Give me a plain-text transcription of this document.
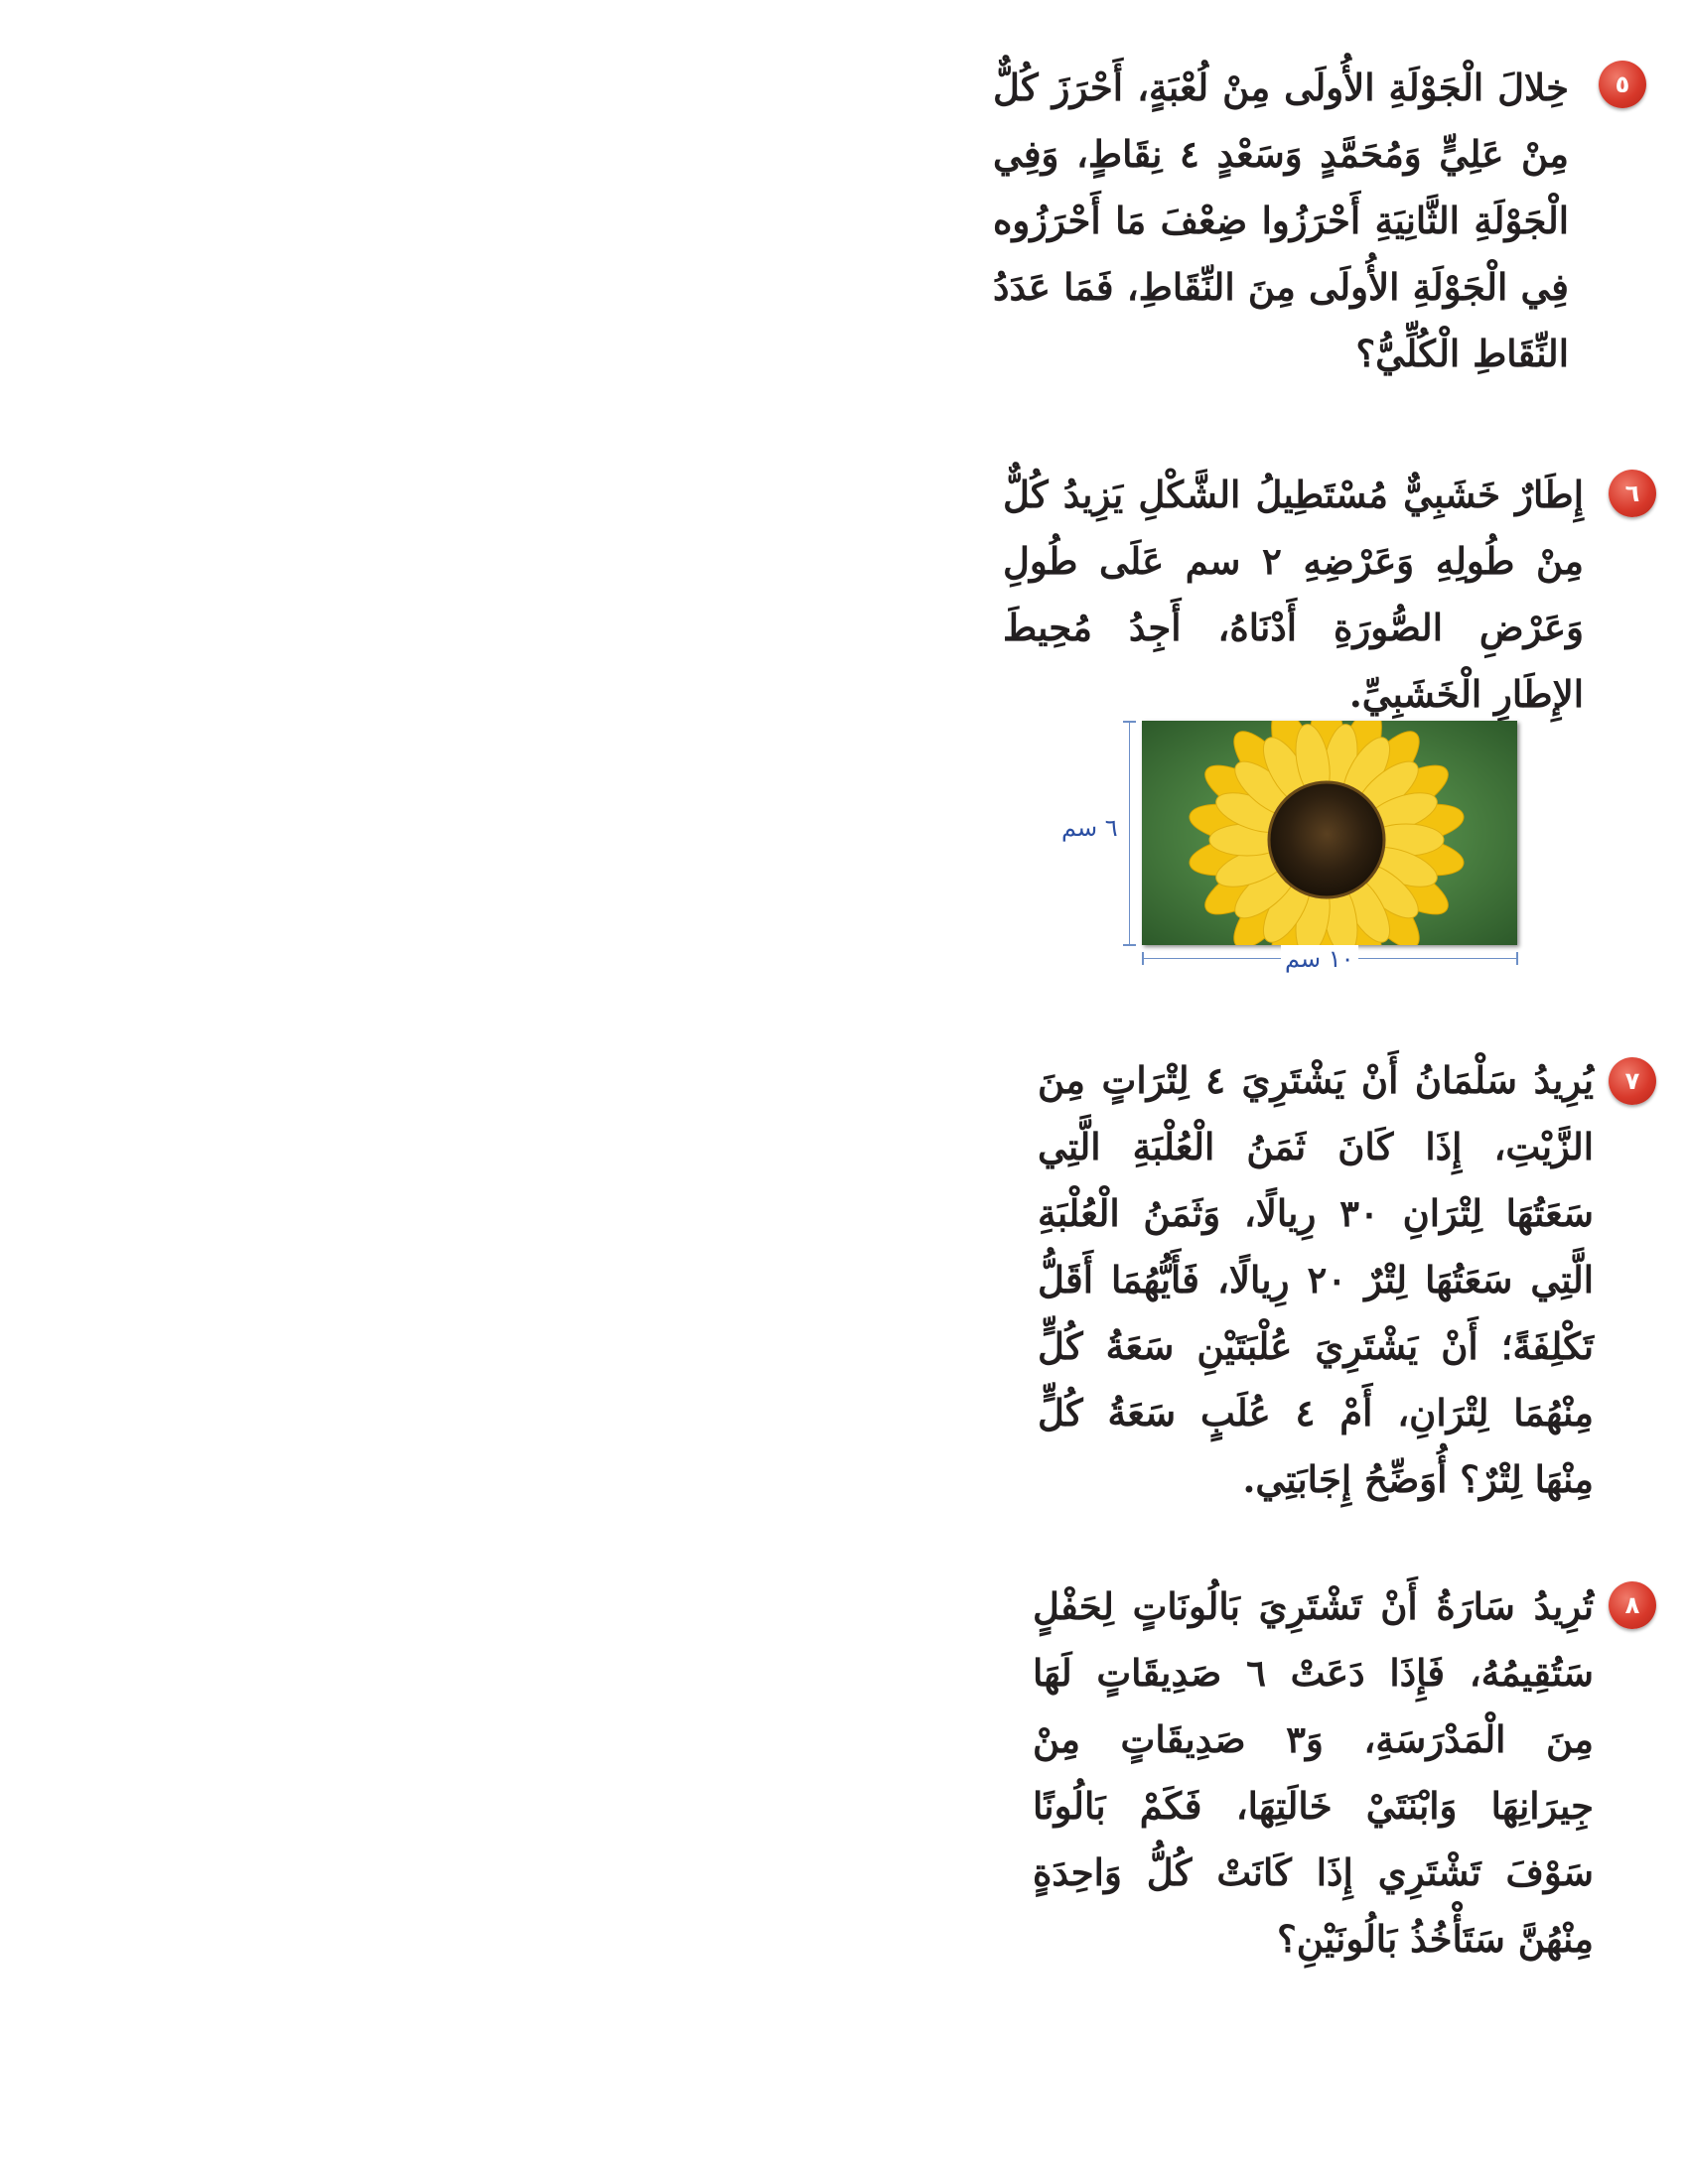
٥
خِلالَ الْجَوْلَةِ الأُولَى مِنْ لُعْبَةٍ، أَحْرَزَ كُلٌّ مِنْ عَلِيٍّ وَمُحَمَّدٍ وَسَعْدٍ ٤ نِقَاطٍ، وَفِي الْجَوْلَةِ الثَّانِيَةِ أَحْرَزُوا ضِعْفَ مَا أَحْرَزُوه فِي الْجَوْلَةِ الأُولَى مِنَ النِّقَاطِ، فَمَا عَدَدُ النِّقَاطِ الْكُلِّيُّ؟
٦
إِطَارٌ خَشَبِيٌّ مُسْتَطِيلُ الشَّكْلِ يَزِيدُ كُلٌّ مِنْ طُولِهِ وَعَرْضِهِ ٢ سم عَلَى طُولِ وَعَرْضِ الصُّورَةِ أَدْنَاهُ، أَجِدُ مُحِيطَ الإِطَارِ الْخَشَبِيِّ.
٦ سم
١٠ سم
٧
يُرِيدُ سَلْمَانُ أَنْ يَشْتَرِيَ ٤ لِتْرَاتٍ مِنَ الزَّيْتِ، إِذَا كَانَ ثَمَنُ الْعُلْبَةِ الَّتِي سَعَتُهَا لِتْرَانِ ٣٠ رِيالًا، وَثَمَنُ الْعُلْبَةِ الَّتِي سَعَتُهَا لِتْرٌ ٢٠ رِيالًا، فَأَيُّهُمَا أَقَلُّ تَكْلِفَةً؛ أَنْ يَشْتَرِيَ عُلْبَتَيْنِ سَعَةُ كُلٍّ مِنْهُمَا لِتْرَانِ، أَمْ ٤ عُلَبٍ سَعَةُ كُلٍّ مِنْهَا لِتْرٌ؟ أُوَضِّحُ إِجَابَتِي.
٨
تُرِيدُ سَارَةُ أَنْ تَشْتَرِيَ بَالُونَاتٍ لِحَفْلٍ سَتُقِيمُهُ، فَإِذَا دَعَتْ ٦ صَدِيقَاتٍ لَهَا مِنَ الْمَدْرَسَةِ، وَ٣ صَدِيقَاتٍ مِنْ جِيرَانِهَا وَابْنَتَيْ خَالَتِهَا، فَكَمْ بَالُونًا سَوْفَ تَشْتَرِي إِذَا كَانَتْ كُلُّ وَاحِدَةٍ مِنْهُنَّ سَتَأْخُذُ بَالُونَيْنِ؟
